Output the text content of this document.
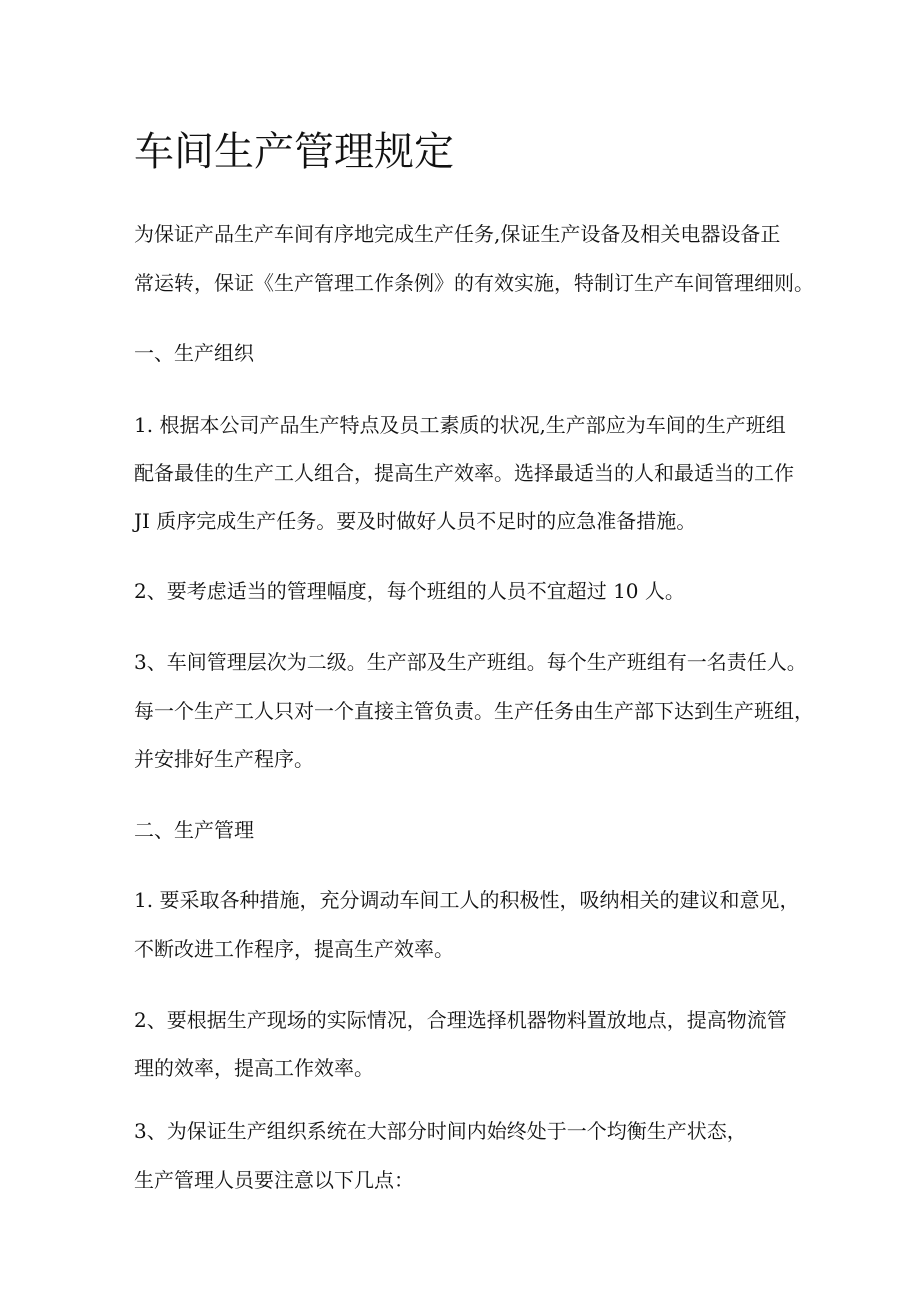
车间生产管理规定

为保证产品生产车间有序地完成生产任务,保证生产设备及相关电器设备正

常运转，保证《生产管理工作条例》的有效实施，特制订生产车间管理细则。

一、生产组织

1. 根据本公司产品生产特点及员工素质的状况,生产部应为车间的生产班组

配备最佳的生产工人组合，提高生产效率。选择最适当的人和最适当的工作

JI 质序完成生产任务。要及时做好人员不足时的应急准备措施。

2、要考虑适当的管理幅度，每个班组的人员不宜超过 10 人。

3、车间管理层次为二级。生产部及生产班组。每个生产班组有一名责任人。

每一个生产工人只对一个直接主管负责。生产任务由生产部下达到生产班组，

并安排好生产程序。

二、生产管理

1. 要采取各种措施，充分调动车间工人的积极性，吸纳相关的建议和意见，

不断改进工作程序，提高生产效率。

2、要根据生产现场的实际情况，合理选择机器物料置放地点，提高物流管

理的效率，提高工作效率。

3、为保证生产组织系统在大部分时间内始终处于一个均衡生产状态，

生产管理人员要注意以下几点：
